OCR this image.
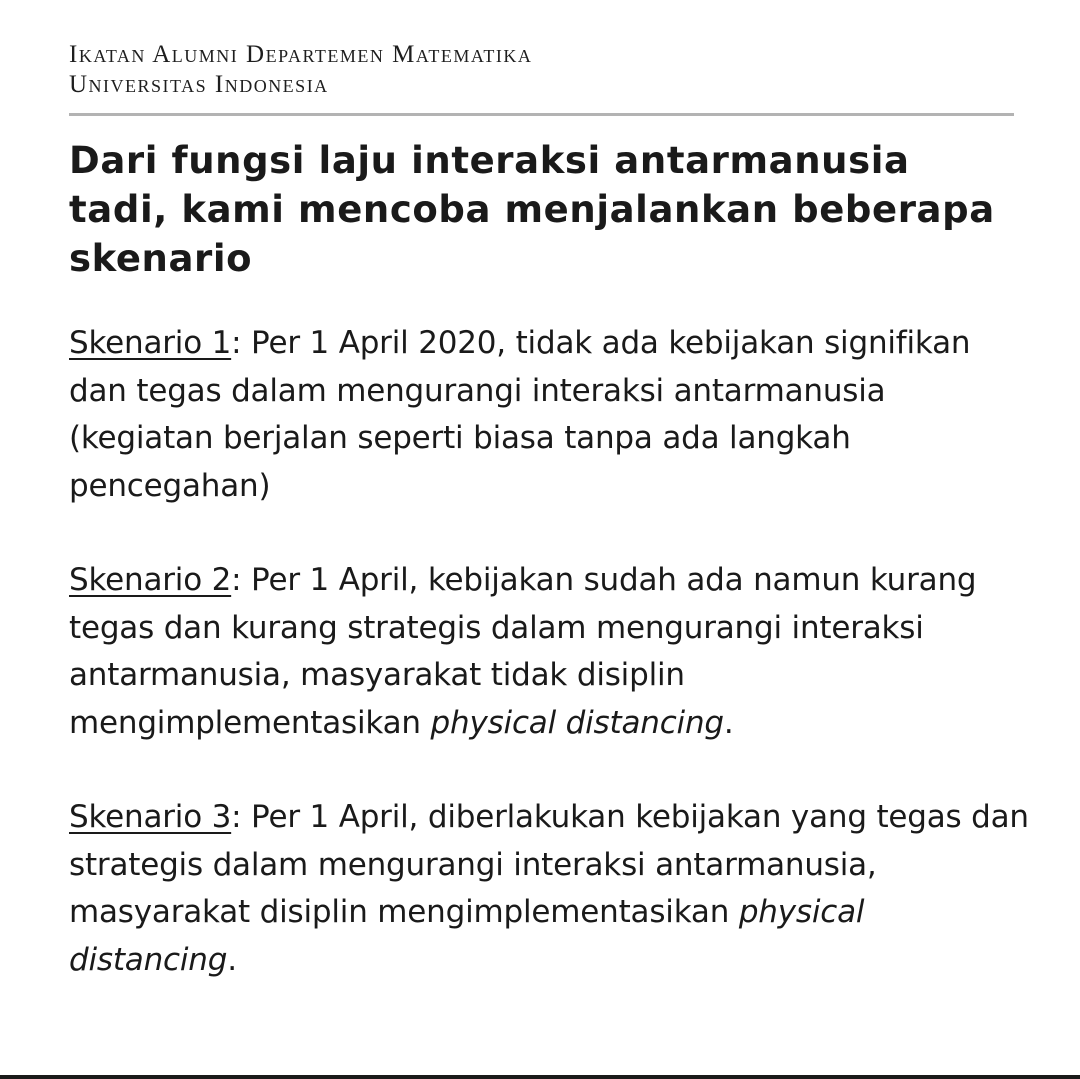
Ikatan Alumni Departemen Matematika
Universitas Indonesia
Dari fungsi laju interaksi antarmanusia tadi, kami mencoba menjalankan beberapa skenario

Skenario 1: Per 1 April 2020, tidak ada kebijakan signifikan dan tegas dalam mengurangi interaksi antarmanusia (kegiatan berjalan seperti biasa tanpa ada langkah pencegahan)

Skenario 2: Per 1 April, kebijakan sudah ada namun kurang tegas dan kurang strategis dalam mengurangi interaksi antarmanusia, masyarakat tidak disiplin mengimplementasikan physical distancing.

Skenario 3: Per 1 April, diberlakukan kebijakan yang tegas dan strategis dalam mengurangi interaksi antarmanusia, masyarakat disiplin mengimplementasikan physical distancing.
